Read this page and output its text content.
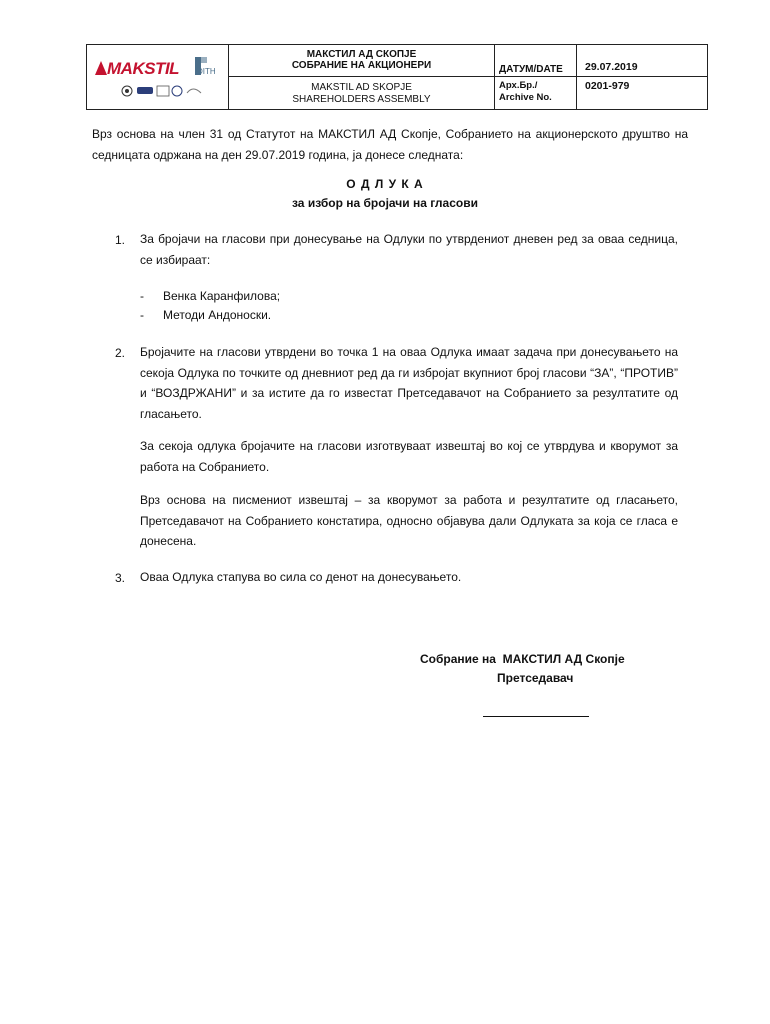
MAKSTIL DITH
МАКСТИЛ АД СКОПЈЕ
СОБРАНИЕ НА АКЦИОНЕРИ
MAKSTIL AD SKOPJE
SHAREHOLDERS ASSEMBLY
ДАТУМ/DATE
Арх.Бр./
Archive No.
29.07.2019
0201-979
Врз основа на член 31 од Статутот на МАКСТИЛ АД Скопје, Собранието на акционерското друштво на седницата одржана на ден 29.07.2019 година, ја донесе следната:
О Д Л У К А
за избор на бројачи на гласови
1. За бројачи на гласови при донесување на Одлуки по утврдениот дневен ред за оваа седница, се избираат:
- Венка Каранфилова;
- Методи Андоноски.
2. Бројачите на гласови утврдени во точка 1 на оваа Одлука имаат задача при донесувањето на секоја Одлука по точките од дневниот ред да ги избројат вкупниот број гласови “ЗА”, “ПРОТИВ” и “ВОЗДРЖАНИ” и за истите да го известат Претседавачот на Собранието за резултатите од гласањето.
За секоја одлука бројачите на гласови изготвуваат извештај во кој се утврдува и кворумот за работа на Собранието.
Врз основа на писмениот извештај – за кворумот за работа и резултатите од гласањето, Претседавачот на Собранието констатира, односно објавува дали Одлуката за која се гласа е донесена.
3. Оваа Одлука стапува во сила со денот на донесувањето.
Собрание на  МАКСТИЛ АД Скопје
Претседавач
